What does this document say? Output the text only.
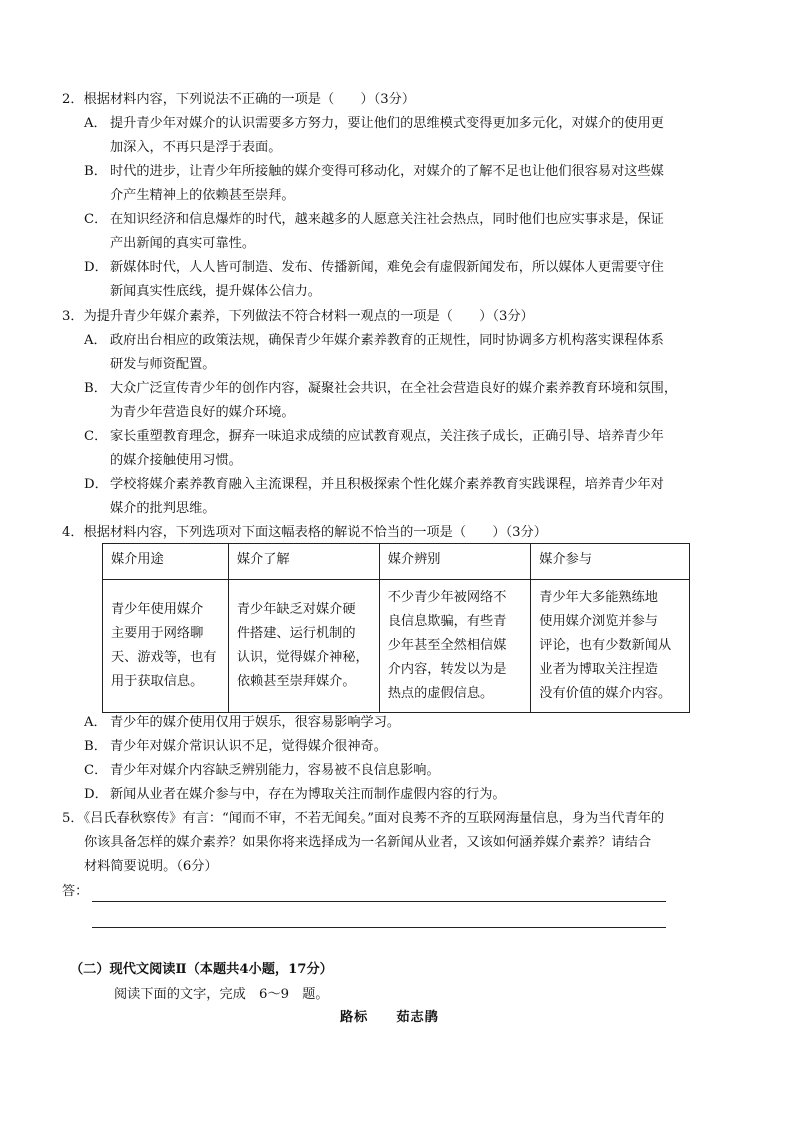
2．根据材料内容，下列说法不正确的一项是（　　）（3分）
A． 提升青少年对媒介的认识需要多方努力，要让他们的思维模式变得更加多元化，对媒介的使用更
加深入，不再只是浮于表面。
B． 时代的进步，让青少年所接触的媒介变得可移动化，对媒介的了解不足也让他们很容易对这些媒
介产生精神上的依赖甚至崇拜。
C． 在知识经济和信息爆炸的时代，越来越多的人愿意关注社会热点，同时他们也应实事求是，保证
产出新闻的真实可靠性。
D． 新媒体时代，人人皆可制造、发布、传播新闻，难免会有虚假新闻发布，所以媒体人更需要守住
新闻真实性底线，提升媒体公信力。
3．为提升青少年媒介素养，下列做法不符合材料一观点的一项是（　　）（3分）
A． 政府出台相应的政策法规，确保青少年媒介素养教育的正规性，同时协调多方机构落实课程体系
研发与师资配置。
B． 大众广泛宣传青少年的创作内容，凝聚社会共识，在全社会营造良好的媒介素养教育环境和氛围，
为青少年营造良好的媒介环境。
C． 家长重塑教育理念，摒弃一味追求成绩的应试教育观点，关注孩子成长，正确引导、培养青少年
的媒介接触使用习惯。
D． 学校将媒介素养教育融入主流课程，并且积极探索个性化媒介素养教育实践课程，培养青少年对
媒介的批判思维。
4．根据材料内容，下列选项对下面这幅表格的解说不恰当的一项是（　　）（3分）
媒介用途	媒介了解	媒介辨别	媒介参与

青少年使用媒介
主要用于网络聊
天、游戏等，也有
用于获取信息。	青少年缺乏对媒介硬
件搭建、运行机制的
认识，觉得媒介神秘，
依赖甚至崇拜媒介。	不少青少年被网络不
良信息欺骗，有些青
少年甚至全然相信媒
介内容，转发以为是
热点的虚假信息。	青少年大多能熟练地
使用媒介浏览并参与
评论，也有少数新闻从
业者为博取关注捏造
没有价值的媒介内容。
A． 青少年的媒介使用仅用于娱乐，很容易影响学习。
B． 青少年对媒介常识认识不足，觉得媒介很神奇。
C． 青少年对媒介内容缺乏辨别能力，容易被不良信息影响。
D． 新闻从业者在媒介参与中，存在为博取关注而制作虚假内容的行为。
5．《吕氏春秋察传》有言：“闻而不审，不若无闻矣。”面对良莠不齐的互联网海量信息，身为当代青年的
你该具备怎样的媒介素养？如果你将来选择成为一名新闻从业者，又该如何涵养媒介素养？请结合
材料简要说明。（6分）
答：
（二）现代文阅读Ⅱ（本题共4小题，17分）
阅读下面的文字，完成　6～9　题。
路标 茹志鹃
